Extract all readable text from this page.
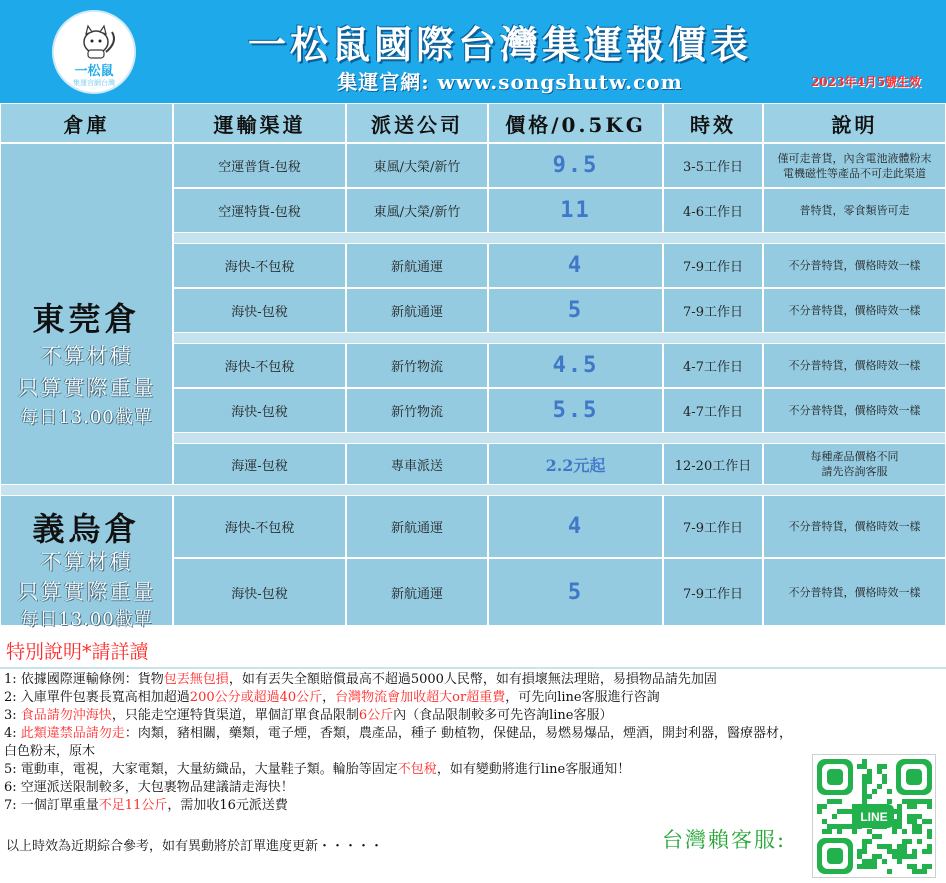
一松鼠
集運官網台灣
一松鼠國際台灣集運報價表
集運官網: www.songshutw.com	2023年4月5號生效
倉庫	運輸渠道	派送公司	價格/0.5KG	時效	說明
東莞倉
不算材積
只算實際重量
每日13.00截單
空運普貨-包稅	東風/大榮/新竹	9.5	3-5工作日
僅可走普貨，內含電池液體粉末
電機磁性等產品不可走此渠道
空運特貨-包稅	東風/大榮/新竹	11	4-6工作日	普特貨，零食類皆可走
海快-不包稅	新航通運	4	7-9工作日	不分普特貨，價格時效一樣
海快-包稅	新航通運	5	7-9工作日	不分普特貨，價格時效一樣
海快-不包稅	新竹物流	4.5	4-7工作日	不分普特貨，價格時效一樣
海快-包稅	新竹物流	5.5	4-7工作日	不分普特貨，價格時效一樣
海運-包稅	專車派送	2.2元起	12-20工作日
每種產品價格不同
請先咨詢客服
義烏倉
不算材積
只算實際重量
每日13.00截單
海快-不包稅	新航通運	4	7-9工作日	不分普特貨，價格時效一樣
海快-包稅	新航通運	5	7-9工作日	不分普特貨，價格時效一樣
特別說明*請詳讀

1: 依據國際運輸條例：貨物包丟無包損，如有丟失全額賠償最高不超過5000人民幣，如有損壞無法理賠，易損物品請先加固

2: 入庫單件包裹長寬高相加超過200公分或超過40公斤，台灣物流會加收超大or超重費，可先向line客服進行咨詢

3: 食品請勿沖海快，只能走空運特貨渠道，單個訂單食品限制6公斤內（食品限制較多可先咨詢line客服）

4: 此類違禁品請勿走：肉類，豬相關，藥類，電子煙，香類，農產品，種子 動植物，保健品，易燃易爆品，煙酒，開封利器，醫療器材，白色粉末，原木

5: 電動車，電視，大家電類，大量紡織品，大量鞋子類。輪胎等固定不包稅，如有變動將進行line客服通知！

6: 空運派送限制較多，大包裹物品建議請走海快！

7: 一個訂單重量不足11公斤，需加收16元派送費

以上時效為近期綜合參考，如有異動將於訂單進度更新・・・・・	台灣賴客服:
LINE
